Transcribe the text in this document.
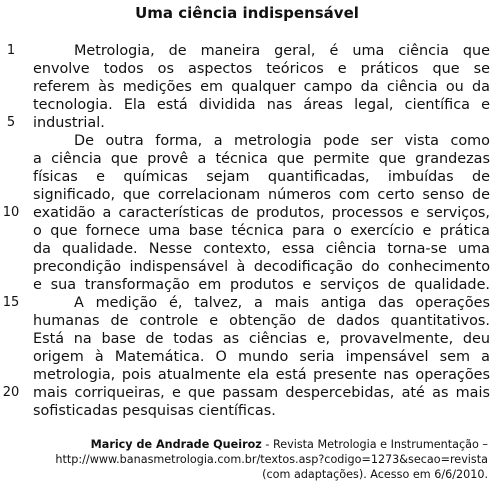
Uma ciência indispensável
1
5
10
15
20
Metrologia, de maneira geral, é uma ciência que
envolve todos os aspectos teóricos e práticos que se
referem às medições em qualquer campo da ciência ou da
tecnologia. Ela está dividida nas áreas legal, científica e
industrial.
De outra forma, a metrologia pode ser vista como
a ciência que provê a técnica que permite que grandezas
físicas e químicas sejam quantificadas, imbuídas de
significado, que correlacionam números com certo senso de
exatidão a características de produtos, processos e serviços,
o que fornece uma base técnica para o exercício e prática
da qualidade. Nesse contexto, essa ciência torna-se uma
precondição indispensável à decodificação do conhecimento
e sua transformação em produtos e serviços de qualidade.
A medição é, talvez, a mais antiga das operações
humanas de controle e obtenção de dados quantitativos.
Está na base de todas as ciências e, provavelmente, deu
origem à Matemática. O mundo seria impensável sem a
metrologia, pois atualmente ela está presente nas operações
mais corriqueiras, e que passam despercebidas, até as mais
sofisticadas pesquisas científicas.
Maricy de Andrade Queiroz - Revista Metrologia e Instrumentação –
http://www.banasmetrologia.com.br/textos.asp?codigo=1273&secao=revista
(com adaptações). Acesso em 6/6/2010.
